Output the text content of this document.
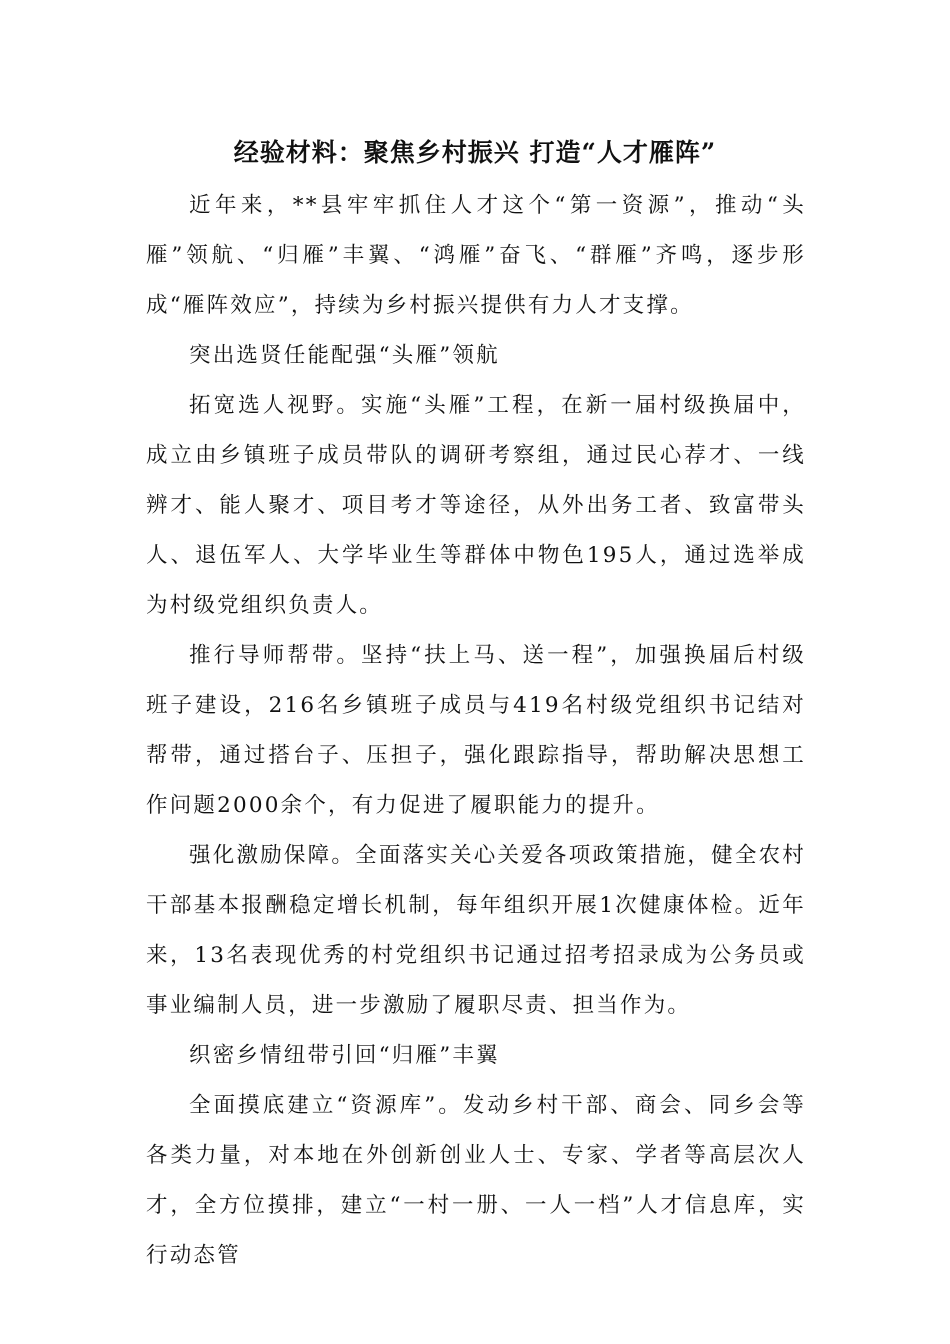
经验材料：聚焦乡村振兴 打造“人才雁阵”

近年来，**县牢牢抓住人才这个“第一资源”，推动“头雁”领航、“归雁”丰翼、“鸿雁”奋飞、“群雁”齐鸣，逐步形成“雁阵效应”，持续为乡村振兴提供有力人才支撑。

突出选贤任能配强“头雁”领航

拓宽选人视野。实施“头雁”工程，在新一届村级换届中，成立由乡镇班子成员带队的调研考察组，通过民心荐才、一线辨才、能人聚才、项目考才等途径，从外出务工者、致富带头人、退伍军人、大学毕业生等群体中物色195人，通过选举成为村级党组织负责人。

推行导师帮带。坚持“扶上马、送一程”，加强换届后村级班子建设，216名乡镇班子成员与419名村级党组织书记结对帮带，通过搭台子、压担子，强化跟踪指导，帮助解决思想工作问题2000余个，有力促进了履职能力的提升。

强化激励保障。全面落实关心关爱各项政策措施，健全农村干部基本报酬稳定增长机制，每年组织开展1次健康体检。近年来，13名表现优秀的村党组织书记通过招考招录成为公务员或事业编制人员，进一步激励了履职尽责、担当作为。

织密乡情纽带引回“归雁”丰翼

全面摸底建立“资源库”。发动乡村干部、商会、同乡会等各类力量，对本地在外创新创业人士、专家、学者等高层次人才，全方位摸排，建立“一村一册、一人一档”人才信息库，实行动态管
